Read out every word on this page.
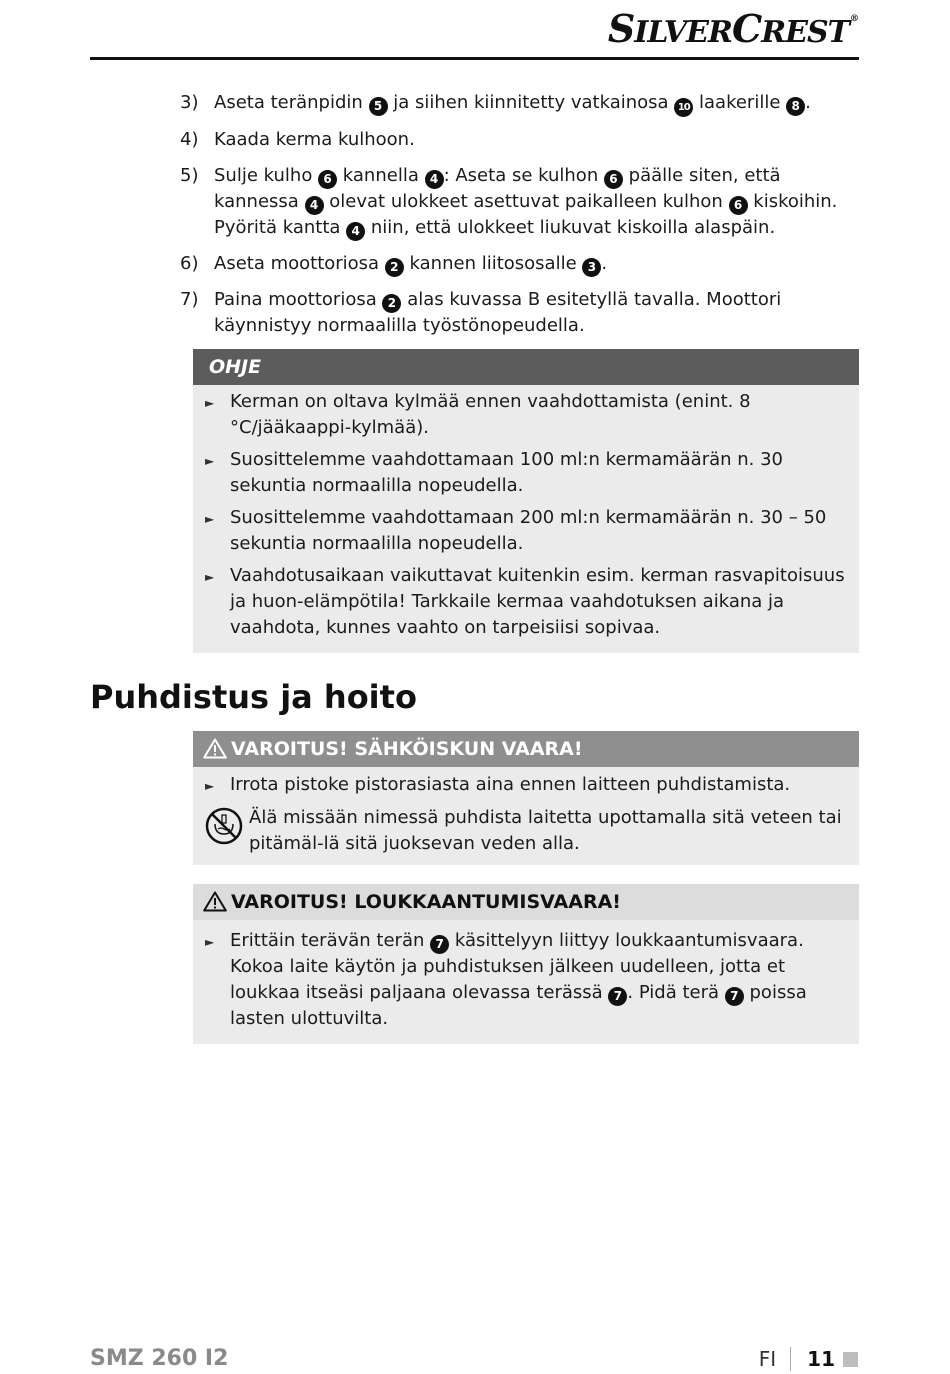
SILVERCREST®
3) Aseta teränpidin 5 ja siihen kiinnitetty vatkainosa 10 laakerille 8 .
4) Kaada kerma kulhoon.
5) Sulje kulho 6 kannella 4 : Aseta se kulhon 6 päälle siten, että kannessa 4 olevat ulokkeet asettuvat paikalleen kulhon 6 kiskoihin. Pyöritä kantta 4 niin, että ulokkeet liukuvat kiskoilla alaspäin.
6) Aseta moottoriosa 2 kannen liitososalle 3 .
7) Paina moottoriosa 2 alas kuvassa B esitetyllä tavalla. Moottori käynnistyy normaalilla työstönopeudella.
OHJE
► Kerman on oltava kylmää ennen vaahdottamista (enint. 8 °C/jääkaappi-kylmää).
► Suosittelemme vaahdottamaan 100 ml:n kermamäärän n. 30 sekuntia normaalilla nopeudella.
► Suosittelemme vaahdottamaan 200 ml:n kermamäärän n. 30 – 50 sekuntia normaalilla nopeudella.
► Vaahdotusaikaan vaikuttavat kuitenkin esim. kerman rasvapitoisuus ja huon-elämpötila! Tarkkaile kermaa vaahdotuksen aikana ja vaahdota, kunnes vaahto on tarpeisiisi sopivaa.
Puhdistus ja hoito
VAROITUS! SÄHKÖISKUN VAARA!
► Irrota pistoke pistorasiasta aina ennen laitteen puhdistamista.
Älä missään nimessä puhdista laitetta upottamalla sitä veteen tai pitämäl-lä sitä juoksevan veden alla.
VAROITUS! LOUKKAANTUMISVAARA!
► Erittäin terävän terän 7 käsittelyyn liittyy loukkaantumisvaara. Kokoa laite käytön ja puhdistuksen jälkeen uudelleen, jotta et loukkaa itseäsi paljaana olevassa terässä 7 . Pidä terä 7 poissa lasten ulottuvilta.
SMZ 260 I2	FI 11
